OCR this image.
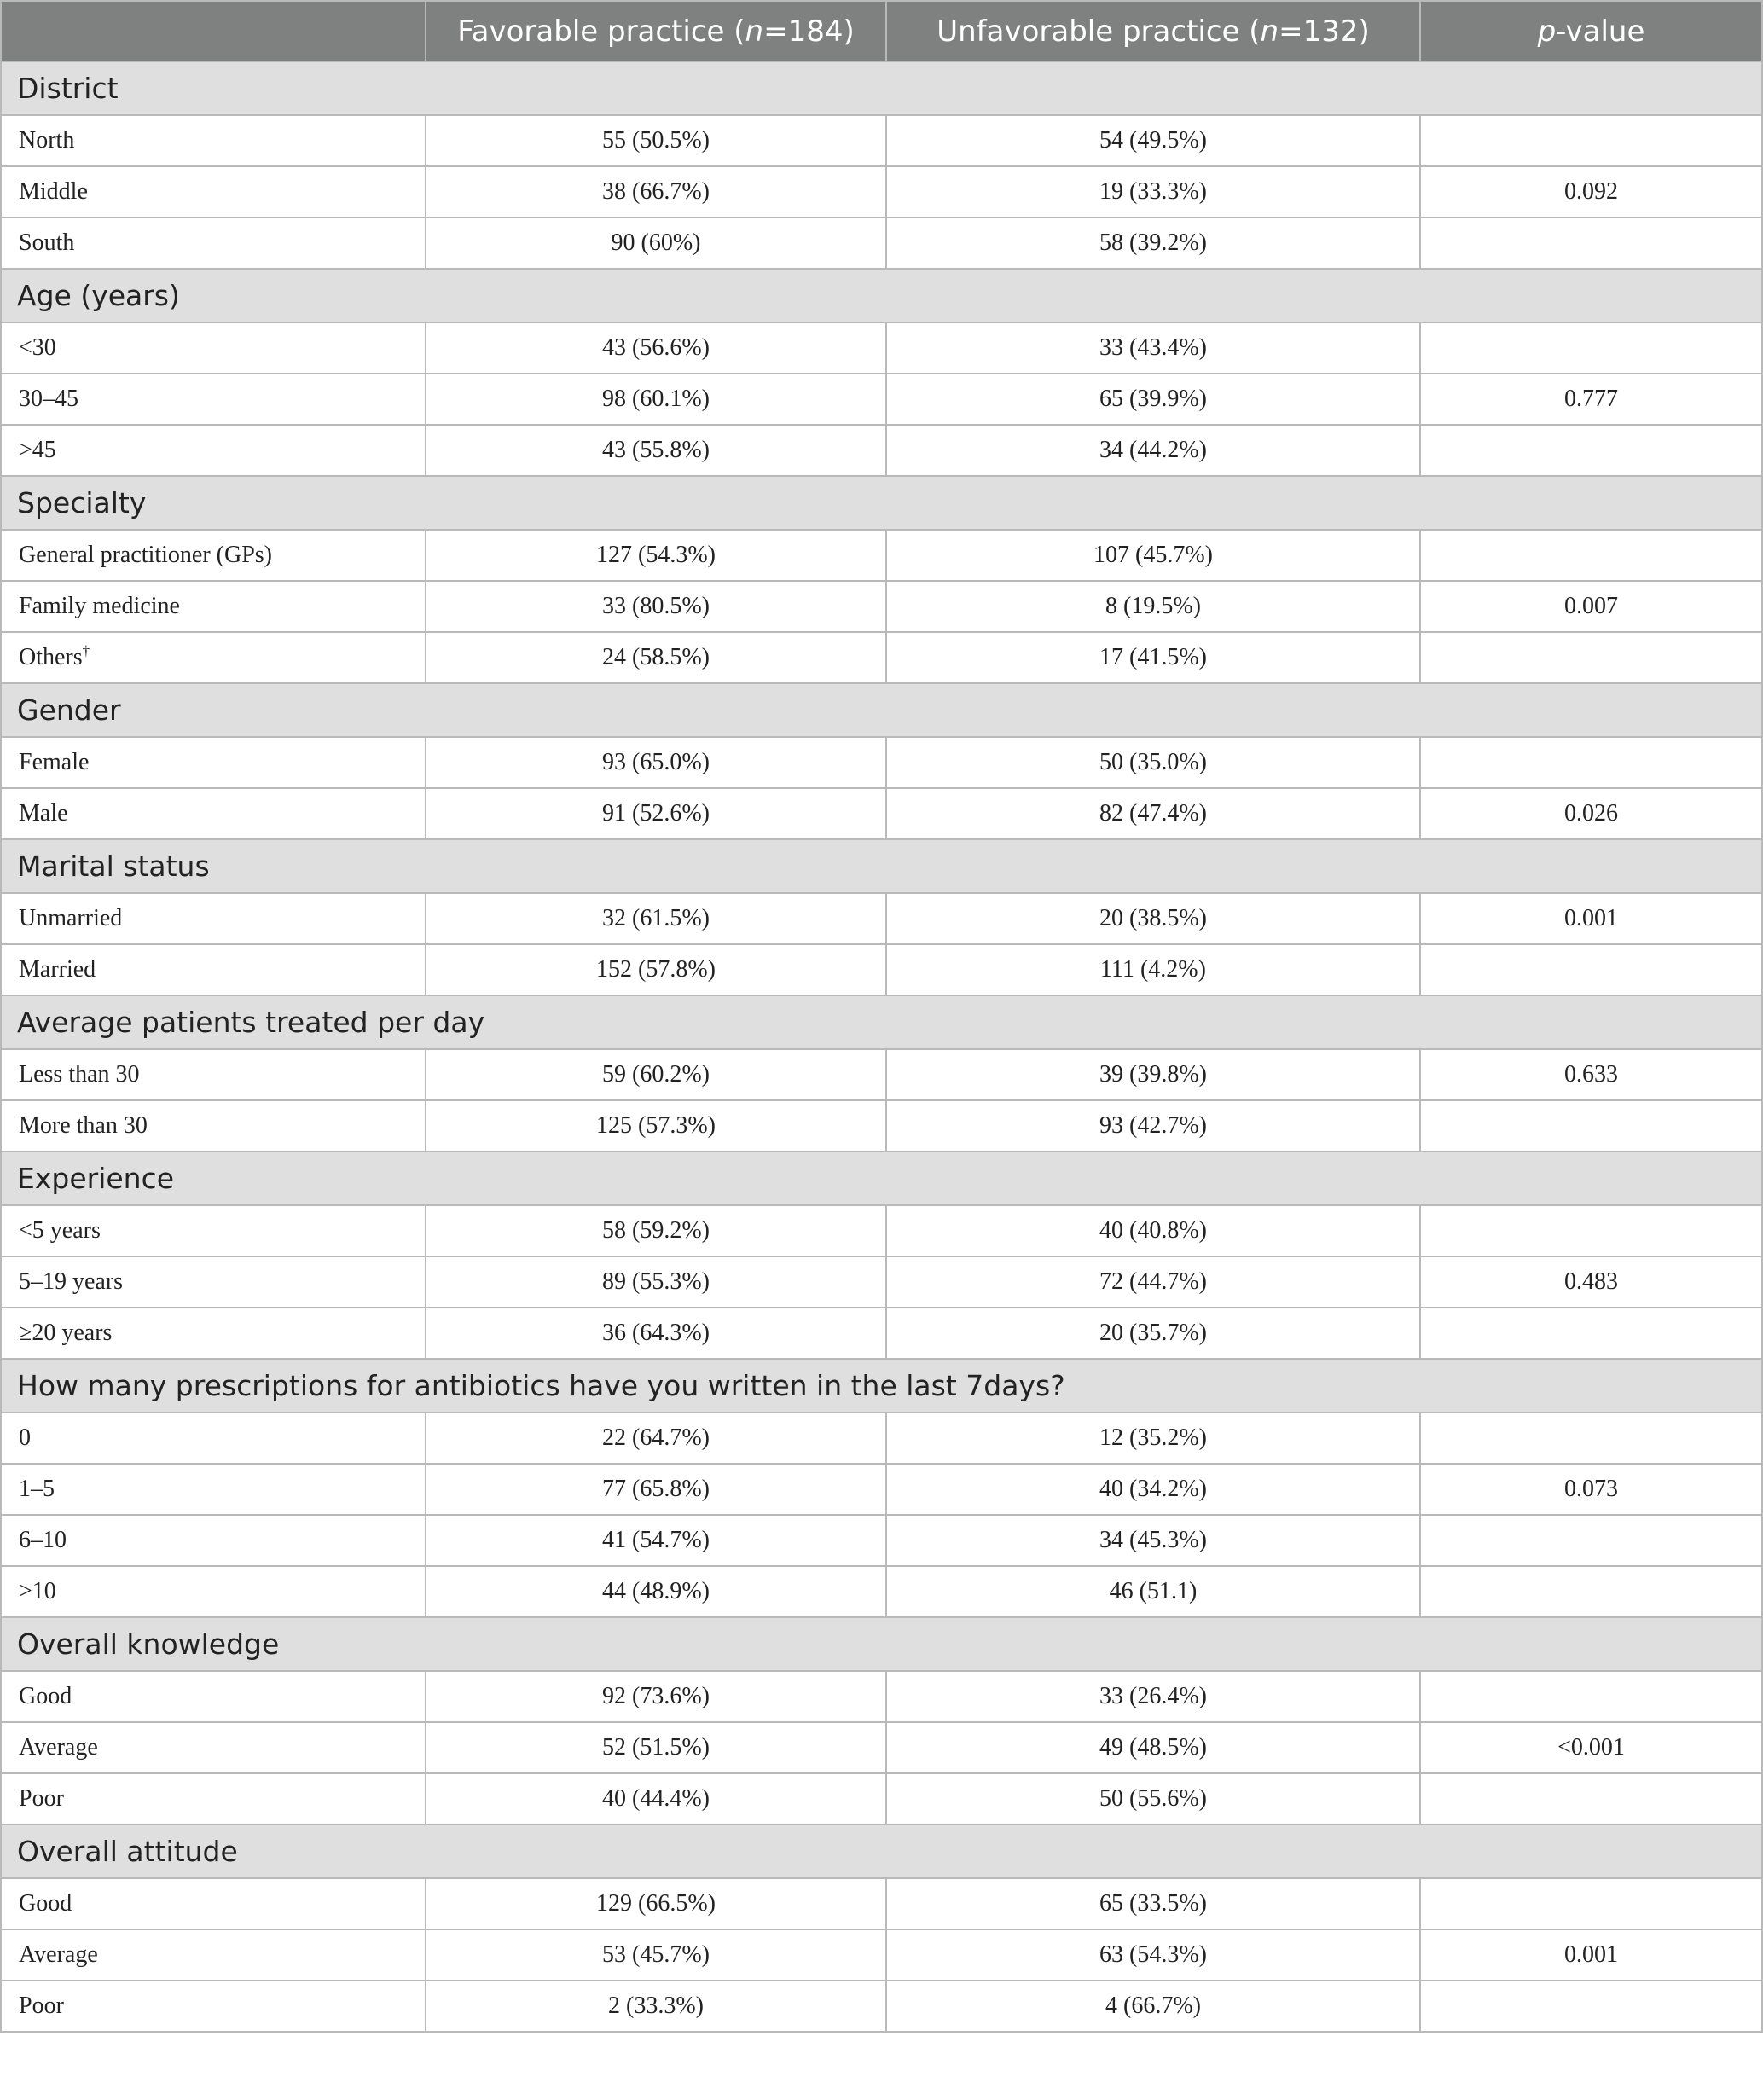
	Favorable practice (n=184)	Unfavorable practice (n=132)	p-value
District			
North	55 (50.5%)	54 (49.5%)	
Middle	38 (66.7%)	19 (33.3%)	0.092
South	90 (60%)	58 (39.2%)	
Age (years)			
<30	43 (56.6%)	33 (43.4%)	
30–45	98 (60.1%)	65 (39.9%)	0.777
>45	43 (55.8%)	34 (44.2%)	
Specialty			
General practitioner (GPs)	127 (54.3%)	107 (45.7%)	
Family medicine	33 (80.5%)	8 (19.5%)	0.007
Others†	24 (58.5%)	17 (41.5%)	
Gender			
Female	93 (65.0%)	50 (35.0%)	
Male	91 (52.6%)	82 (47.4%)	0.026
Marital status			
Unmarried	32 (61.5%)	20 (38.5%)	0.001
Married	152 (57.8%)	111 (4.2%)	
Average patients treated per day			
Less than 30	59 (60.2%)	39 (39.8%)	0.633
More than 30	125 (57.3%)	93 (42.7%)	
Experience			
<5 years	58 (59.2%)	40 (40.8%)	
5–19 years	89 (55.3%)	72 (44.7%)	0.483
≥20 years	36 (64.3%)	20 (35.7%)	
How many prescriptions for antibiotics have you written in the last 7days?			
0	22 (64.7%)	12 (35.2%)	
1–5	77 (65.8%)	40 (34.2%)	0.073
6–10	41 (54.7%)	34 (45.3%)	
>10	44 (48.9%)	46 (51.1)	
Overall knowledge			
Good	92 (73.6%)	33 (26.4%)	
Average	52 (51.5%)	49 (48.5%)	<0.001
Poor	40 (44.4%)	50 (55.6%)	
Overall attitude			
Good	129 (66.5%)	65 (33.5%)	
Average	53 (45.7%)	63 (54.3%)	0.001
Poor	2 (33.3%)	4 (66.7%)	
